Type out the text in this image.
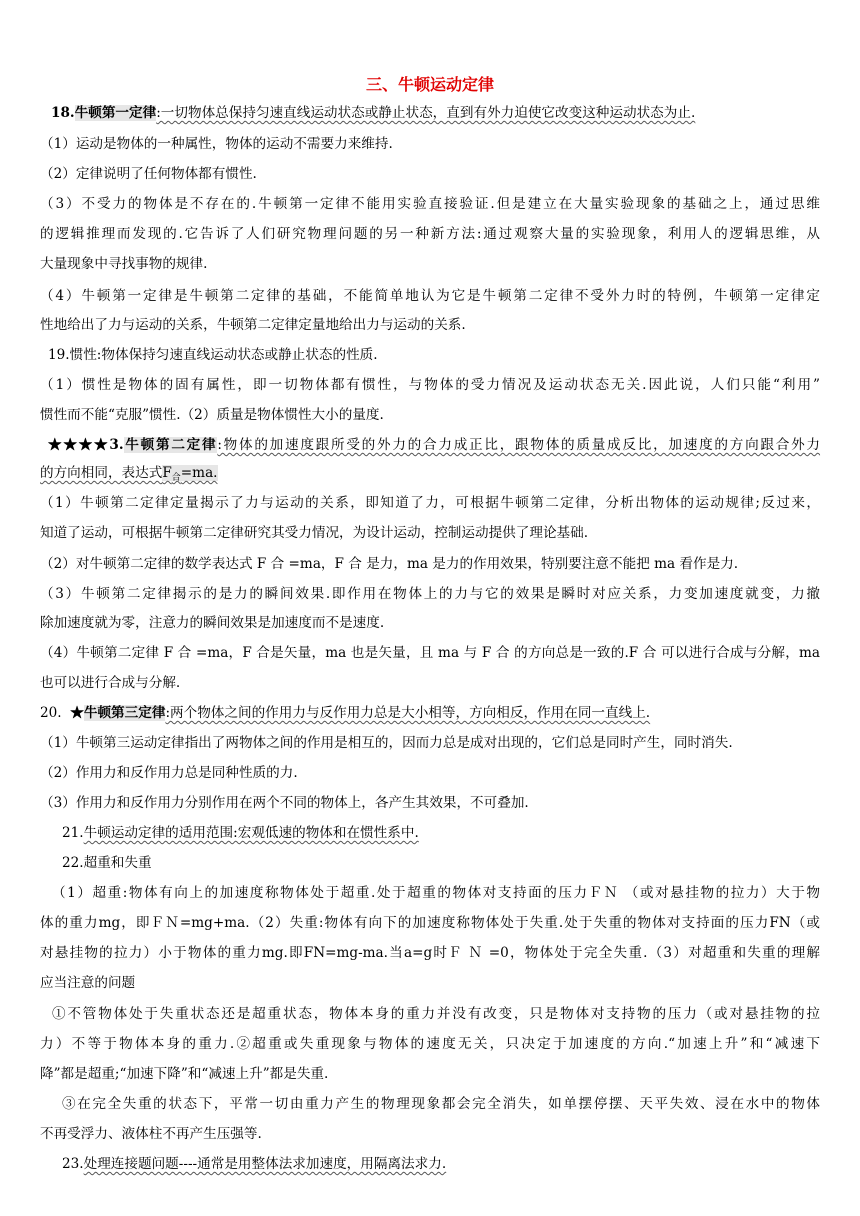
三、牛顿运动定律
18.牛顿第一定律:一切物体总保持匀速直线运动状态或静止状态，直到有外力迫使它改变这种运动状态为止.
（1）运动是物体的一种属性，物体的运动不需要力来维持.
（2）定律说明了任何物体都有惯性.
（3）不受力的物体是不存在的.牛顿第一定律不能用实验直接验证.但是建立在大量实验现象的基础之上，通过思维
的逻辑推理而发现的.它告诉了人们研究物理问题的另一种新方法:通过观察大量的实验现象，利用人的逻辑思维，从
大量现象中寻找事物的规律.
（4）牛顿第一定律是牛顿第二定律的基础，不能简单地认为它是牛顿第二定律不受外力时的特例，牛顿第一定律定
性地给出了力与运动的关系，牛顿第二定律定量地给出力与运动的关系.
19.惯性:物体保持匀速直线运动状态或静止状态的性质.
（1）惯性是物体的固有属性，即一切物体都有惯性，与物体的受力情况及运动状态无关.因此说，人们只能“利用”
惯性而不能“克服”惯性.（2）质量是物体惯性大小的量度.
★★★★3.牛顿第二定律:物体的加速度跟所受的外力的合力成正比，跟物体的质量成反比，加速度的方向跟合外力
的方向相同，表达式$F_合=ma$.
（1）牛顿第二定律定量揭示了力与运动的关系，即知道了力，可根据牛顿第二定律，分析出物体的运动规律;反过来，
知道了运动，可根据牛顿第二定律研究其受力情况，为设计运动，控制运动提供了理论基础.
（2）对牛顿第二定律的数学表达式 F 合 =ma，F 合 是力，ma 是力的作用效果，特别要注意不能把 ma 看作是力.
（3）牛顿第二定律揭示的是力的瞬间效果.即作用在物体上的力与它的效果是瞬时对应关系，力变加速度就变，力撤
除加速度就为零，注意力的瞬间效果是加速度而不是速度.
（4）牛顿第二定律 F 合 =ma，F 合是矢量，ma 也是矢量，且 ma 与 F 合 的方向总是一致的.F 合 可以进行合成与分解，ma
也可以进行合成与分解.
20. ★牛顿第三定律:两个物体之间的作用力与反作用力总是大小相等，方向相反，作用在同一直线上.
（1）牛顿第三运动定律指出了两物体之间的作用是相互的，因而力总是成对出现的，它们总是同时产生，同时消失.
（2）作用力和反作用力总是同种性质的力.
（3）作用力和反作用力分别作用在两个不同的物体上，各产生其效果，不可叠加.
21.牛顿运动定律的适用范围:宏观低速的物体和在惯性系中.
22.超重和失重
（1）超重:物体有向上的加速度称物体处于超重.处于超重的物体对支持面的压力ＦＮ （或对悬挂物的拉力）大于物
体的重力mg，即ＦＮ=mg+ma.（2）失重:物体有向下的加速度称物体处于失重.处于失重的物体对支持面的压力FN（或
对悬挂物的拉力）小于物体的重力mg.即FN=mg-ma.当a=g时Ｆ Ｎ =0，物体处于完全失重.（3）对超重和失重的理解
应当注意的问题
①不管物体处于失重状态还是超重状态，物体本身的重力并没有改变，只是物体对支持物的压力（或对悬挂物的拉
力）不等于物体本身的重力.②超重或失重现象与物体的速度无关，只决定于加速度的方向.“加速上升”和“减速下
降”都是超重;“加速下降”和“减速上升”都是失重.
③在完全失重的状态下，平常一切由重力产生的物理现象都会完全消失，如单摆停摆、天平失效、浸在水中的物体
不再受浮力、液体柱不再产生压强等.
23.处理连接题问题----通常是用整体法求加速度，用隔离法求力.
